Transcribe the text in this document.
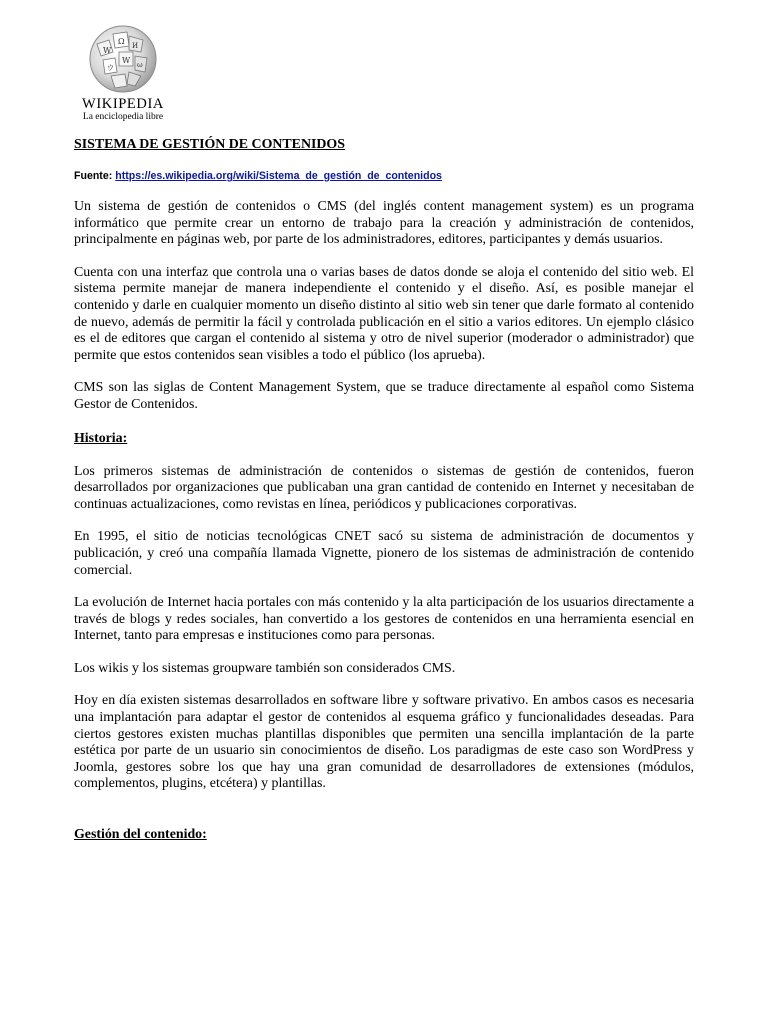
W
Ω И
W
ウ	ω
WIKIPEDIA
La enciclopedia libre
SISTEMA DE GESTIÓN DE CONTENIDOS
Fuente: https://es.wikipedia.org/wiki/Sistema_de_gestión_de_contenidos

Un sistema de gestión de contenidos o CMS (del inglés content management system) es un programa informático que permite crear un entorno de trabajo para la creación y administración de contenidos, principalmente en páginas web, por parte de los administradores, editores, participantes y demás usuarios.

Cuenta con una interfaz que controla una o varias bases de datos donde se aloja el contenido del sitio web. El sistema permite manejar de manera independiente el contenido y el diseño. Así, es posible manejar el contenido y darle en cualquier momento un diseño distinto al sitio web sin tener que darle formato al contenido de nuevo, además de permitir la fácil y controlada publicación en el sitio a varios editores. Un ejemplo clásico es el de editores que cargan el contenido al sistema y otro de nivel superior (moderador o administrador) que permite que estos contenidos sean visibles a todo el público (los aprueba).

CMS son las siglas de Content Management System, que se traduce directamente al español como Sistema Gestor de Contenidos.

Historia:

Los primeros sistemas de administración de contenidos o sistemas de gestión de contenidos, fueron desarrollados por organizaciones que publicaban una gran cantidad de contenido en Internet y necesitaban de continuas actualizaciones, como revistas en línea, periódicos y publicaciones corporativas.

En 1995, el sitio de noticias tecnológicas CNET sacó su sistema de administración de documentos y publicación, y creó una compañía llamada Vignette, pionero de los sistemas de administración de contenido comercial.

La evolución de Internet hacia portales con más contenido y la alta participación de los usuarios directamente a través de blogs y redes sociales, han convertido a los gestores de contenidos en una herramienta esencial en Internet, tanto para empresas e instituciones como para personas.

Los wikis y los sistemas groupware también son considerados CMS.

Hoy en día existen sistemas desarrollados en software libre y software privativo. En ambos casos es necesaria una implantación para adaptar el gestor de contenidos al esquema gráfico y funcionalidades deseadas. Para ciertos gestores existen muchas plantillas disponibles que permiten una sencilla implantación de la parte estética por parte de un usuario sin conocimientos de diseño. Los paradigmas de este caso son WordPress y Joomla, gestores sobre los que hay una gran comunidad de desarrolladores de extensiones (módulos, complementos, plugins, etcétera) y plantillas.

Gestión del contenido:
